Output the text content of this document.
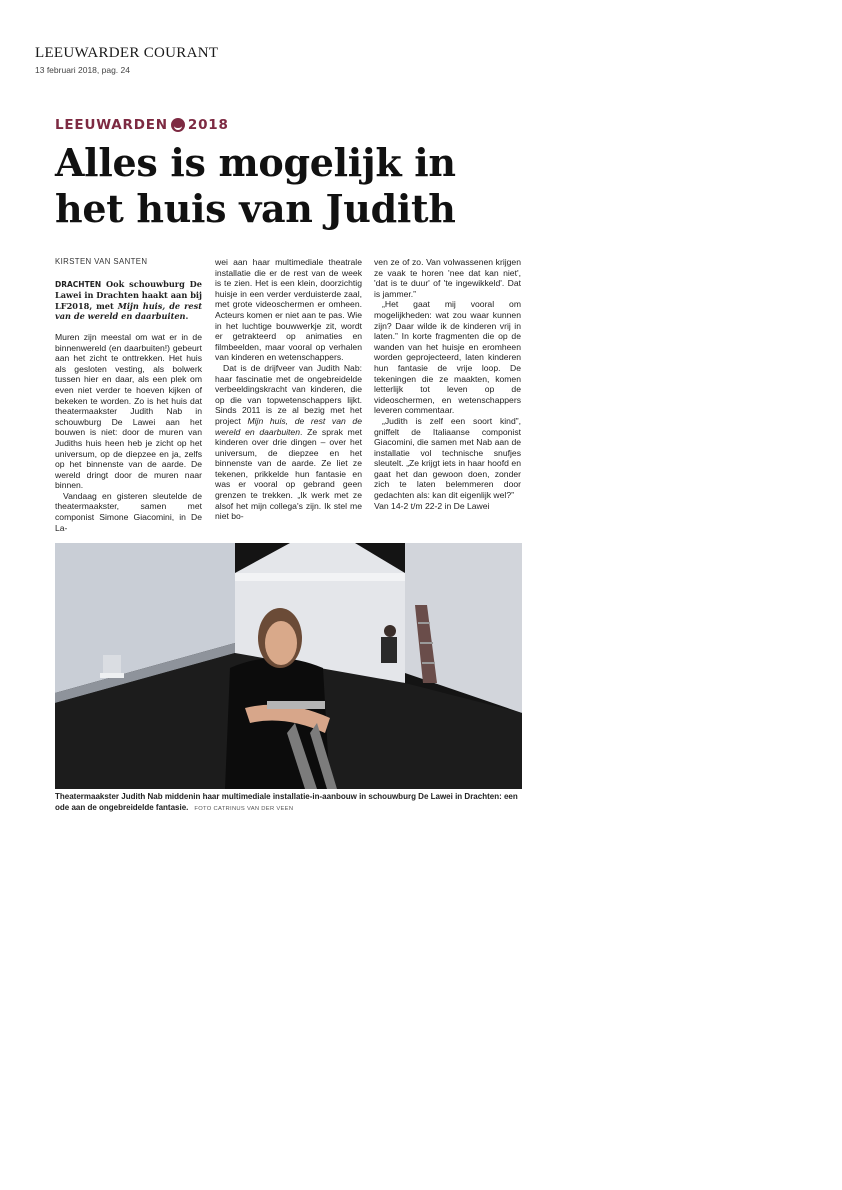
LEEUWARDER COURANT
13 februari 2018, pag. 24
LEEUWARDEN 2018
Alles is mogelijk in
het huis van Judith

KIRSTEN VAN SANTEN

DRACHTEN Ook schouwburg De Lawei in Drachten haakt aan bij LF2018, met Mijn huis, de rest van de wereld en daarbuiten.

Muren zijn meestal om wat er in de binnenwereld (en daarbuiten!) gebeurt aan het zicht te onttrekken. Het huis als gesloten vesting, als bolwerk tussen hier en daar, als een plek om even niet verder te hoeven kijken of bekeken te worden. Zo is het huis dat theatermaakster Judith Nab in schouwburg De Lawei aan het bouwen is niet: door de muren van Judiths huis heen heb je zicht op het universum, op de diepzee en ja, zelfs op het binnenste van de aarde. De wereld dringt door de muren naar binnen.

Vandaag en gisteren sleutelde de theatermaakster, samen met componist Simone Giacomini, in De La-

wei aan haar multimediale theatrale installatie die er de rest van de week is te zien. Het is een klein, doorzichtig huisje in een verder verduisterde zaal, met grote videoschermen er omheen. Acteurs komen er niet aan te pas. Wie in het luchtige bouwwerkje zit, wordt er getrakteerd op animaties en filmbeelden, maar vooral op verhalen van kinderen en wetenschappers.

Dat is de drijfveer van Judith Nab: haar fascinatie met de ongebreidelde verbeeldingskracht van kinderen, die op die van topwetenschappers lijkt. Sinds 2011 is ze al bezig met het project Mijn huis, de rest van de wereld en daarbuiten. Ze sprak met kinderen over drie dingen – over het universum, de diepzee en het binnenste van de aarde. Ze liet ze tekenen, prikkelde hun fantasie en was er vooral op gebrand geen grenzen te trekken. „Ik werk met ze alsof het mijn collega's zijn. Ik stel me niet bo-

ven ze of zo. Van volwassenen krijgen ze vaak te horen 'nee dat kan niet', 'dat is te duur' of 'te ingewikkeld'. Dat is jammer.”

„Het gaat mij vooral om mogelijkheden: wat zou waar kunnen zijn? Daar wilde ik de kinderen vrij in laten.” In korte fragmenten die op de wanden van het huisje en eromheen worden geprojecteerd, laten kinderen hun fantasie de vrije loop. De tekeningen die ze maakten, komen letterlijk tot leven op de videoschermen, en wetenschappers leveren commentaar.

„Judith is zelf een soort kind”, gniffelt de Italiaanse componist Giacomini, die samen met Nab aan de installatie vol technische snufjes sleutelt. „Ze krijgt iets in haar hoofd en gaat het dan gewoon doen, zonder zich te laten belemmeren door gedachten als: kan dit eigenlijk wel?”

Van 14-2 t/m 22-2 in De Lawei

Theatermaakster Judith Nab middenin haar multimediale installatie-in-aanbouw in schouwburg De Lawei in Drachten: een ode aan de ongebreidelde fantasie. FOTO CATRINUS VAN DER VEEN
